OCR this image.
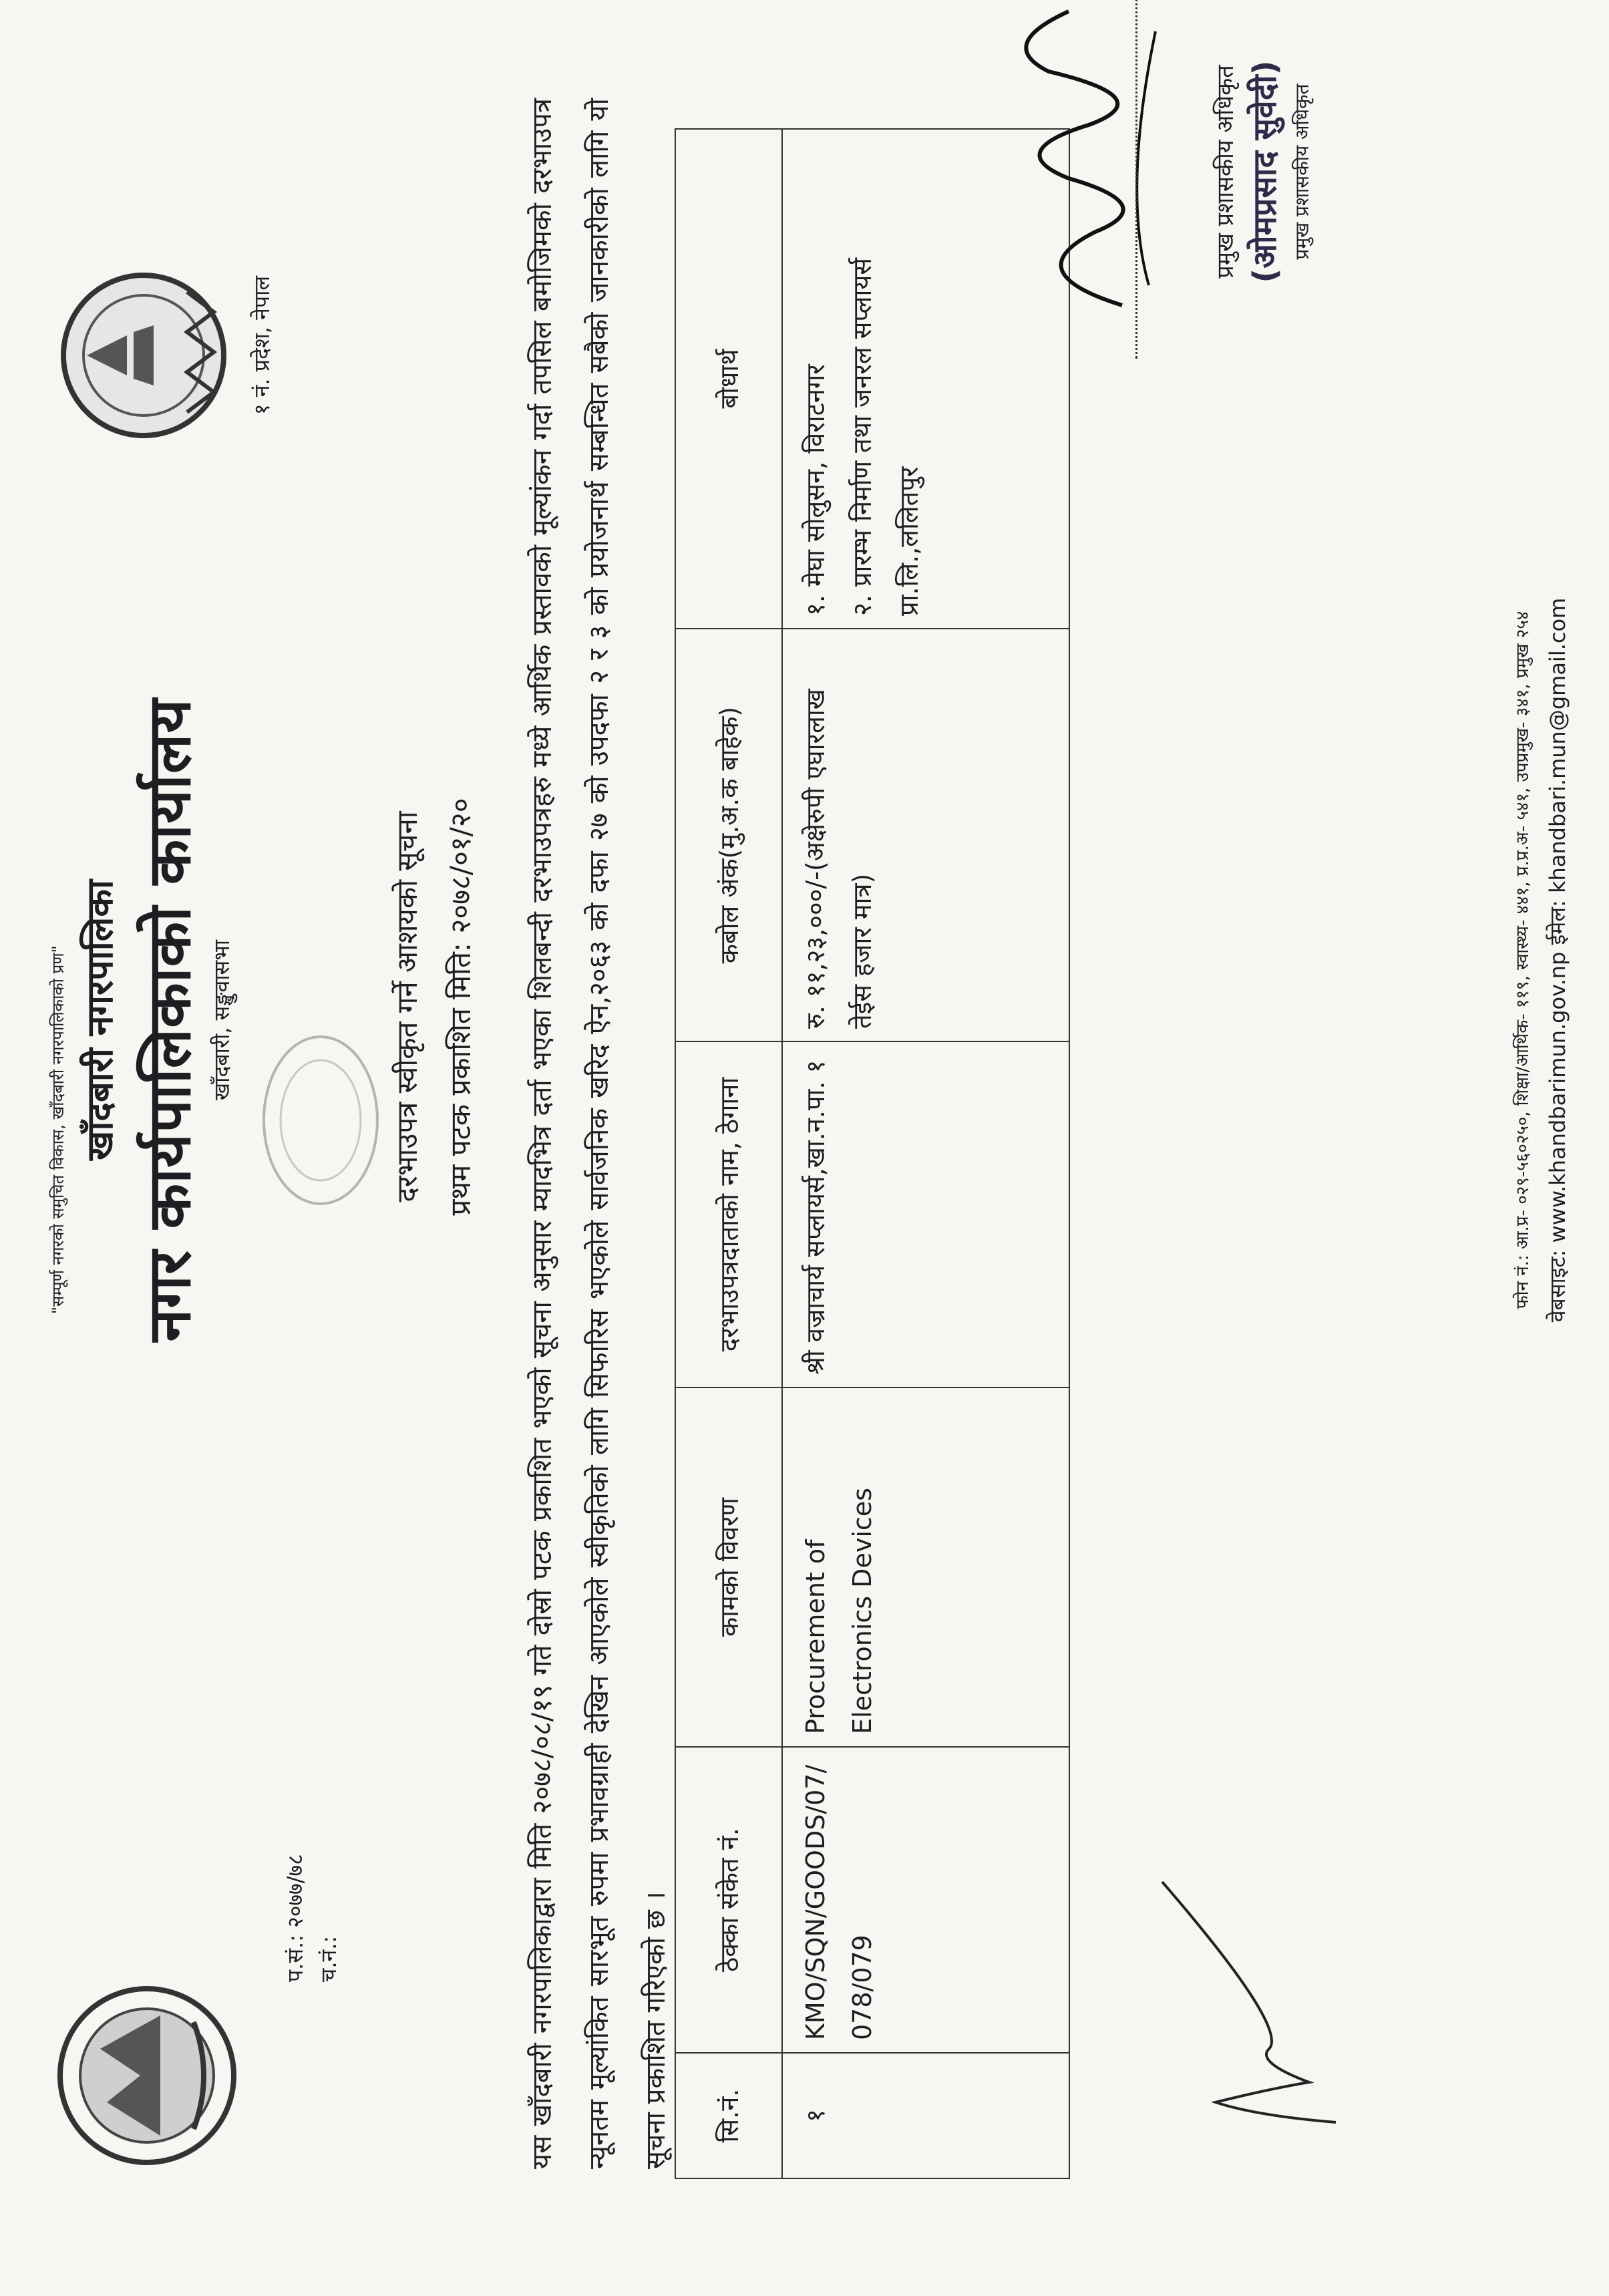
"सम्पूर्ण नगरको समुचित विकास, खाँदबारी नगरपालिकाको प्रण" खाँदबारी नगरपालिका नगर कार्यपालिकाको कार्यालय खाँदबारी, सङ्खुवासभा
१ नं. प्रदेश, नेपाल
प.सं.: २०७७/७८ च.नं.:
दरभाउपत्र स्वीकृत गर्ने आशयको सूचना प्रथम पटक प्रकाशित मिति: २०७८/०१/२०	यस खाँदबारी नगरपालिकाद्वारा मिति २०७८/०८/१९ गते दोस्रो पटक प्रकाशित भएको सूचना अनुसार म्यादभित्र दर्ता भएका शिलबन्दी दरभाउपत्रहरु मध्ये आर्थिक प्रस्तावको मूल्यांकन गर्दा तपसिल बमोजिमको दरभाउपत्र न्यूनतम मूल्यांकित सारभूत रुपमा प्रभावग्राही देखिन आएकोले स्वीकृतिको लागि सिफारिस भएकोले सार्वजनिक खरिद ऐन,२०६३ को दफा २७ को उपदफा २ र ३ को प्रयोजनार्थ सम्बन्धित सबैको जानकारीको लागि यो सूचना प्रकाशित गरिएको छ ।	सि.नं.	ठेक्का संकेत नं.	कामको विवरण	दरभाउपत्रदाताको नाम, ठेगाना	कबोल अंक(मु.अ.क बाहेक)	बोधार्थ
१	KMO/SQN/GOODS/07/078/079	Procurement of Electronics Devices	श्री वज्राचार्य सप्लायर्स,खा.न.पा. १	रु. ११,२३,०००/-(अक्षेरुपी एघारलाख तेईस हजार मात्र)	१. मेघा सोलुसन, विराटनगर २. प्रारम्भ निर्माण तथा जनरल सप्लायर्स प्रा.लि.,ललितपुर
प्रमुख प्रशासकीय अधिकृत (ओमप्रसाद सुवेदी) प्रमुख प्रशासकीय अधिकृत
फोन नं.: आ.प्र- ०२९-५६०२५०, शिक्षा/आर्थिक- ११९, स्वास्थ्य- ४४१, प्र.प्र.अ- ५४१, उपप्रमुख- ३४१, प्रमुख २५४ वेबसाइट: www.khandbarimun.gov.np ईमेल: khandbari.mun@gmail.com
